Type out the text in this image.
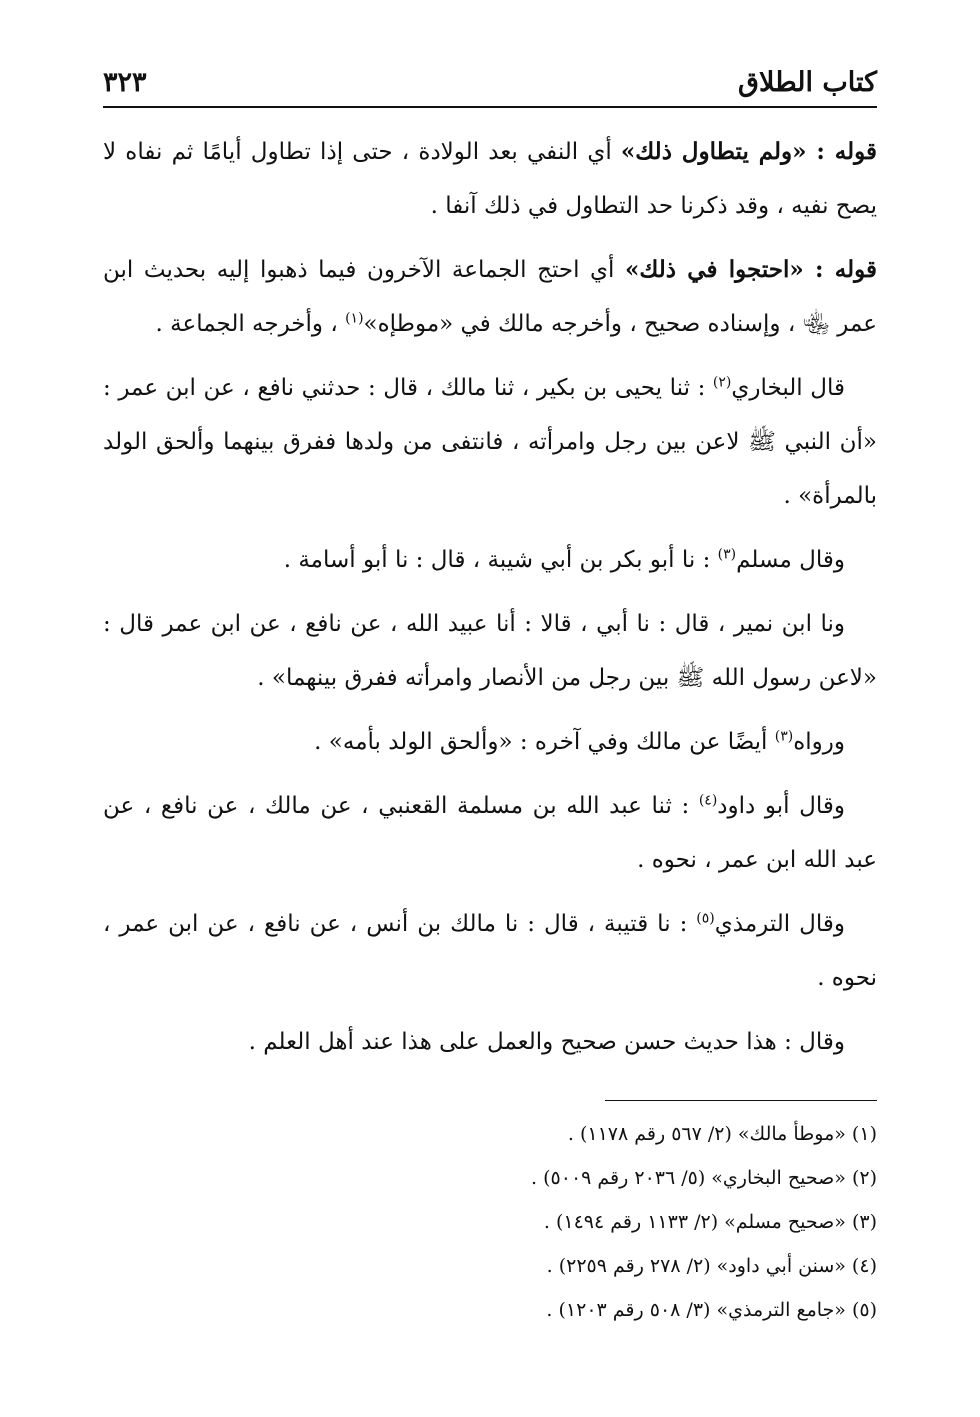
كتاب الطلاق
٣٢٣

قوله : «ولم يتطاول ذلك» أي النفي بعد الولادة ، حتى إذا تطاول أيامًا ثم نفاه لا يصح نفيه ، وقد ذكرنا حد التطاول في ذلك آنفا .

قوله : «احتجوا في ذلك» أي احتج الجماعة الآخرون فيما ذهبوا إليه بحديث ابن عمر ﵄ ، وإسناده صحيح ، وأخرجه مالك في «موطإه»$^{(١)}$ ، وأخرجه الجماعة .

قال البخاري$^{(٢)}$ : ثنا يحيى بن بكير ، ثنا مالك ، قال : حدثني نافع ، عن ابن عمر : «أن النبي ﷺ لاعن بين رجل وامرأته ، فانتفى من ولدها ففرق بينهما وألحق الولد بالمرأة» .

وقال مسلم$^{(٣)}$ : نا أبو بكر بن أبي شيبة ، قال : نا أبو أسامة .

ونا ابن نمير ، قال : نا أبي ، قالا : أنا عبيد الله ، عن نافع ، عن ابن عمر قال : «لاعن رسول الله ﷺ بين رجل من الأنصار وامرأته ففرق بينهما» .

ورواه$^{(٣)}$ أيضًا عن مالك وفي آخره : «وألحق الولد بأمه» .

وقال أبو داود$^{(٤)}$ : ثنا عبد الله بن مسلمة القعنبي ، عن مالك ، عن نافع ، عن عبد الله ابن عمر ، نحوه .

وقال الترمذي$^{(٥)}$ : نا قتيبة ، قال : نا مالك بن أنس ، عن نافع ، عن ابن عمر ، نحوه .

وقال : هذا حديث حسن صحيح والعمل على هذا عند أهل العلم .

(١) «موطأ مالك» (٢/ ٥٦٧ رقم ١١٧٨) .
(٢) «صحيح البخاري» (٥/ ٢٠٣٦ رقم ٥٠٠٩) .
(٣) «صحيح مسلم» (٢/ ١١٣٣ رقم ١٤٩٤) .
(٤) «سنن أبي داود» (٢/ ٢٧٨ رقم ٢٢٥٩) .
(٥) «جامع الترمذي» (٣/ ٥٠٨ رقم ١٢٠٣) .
